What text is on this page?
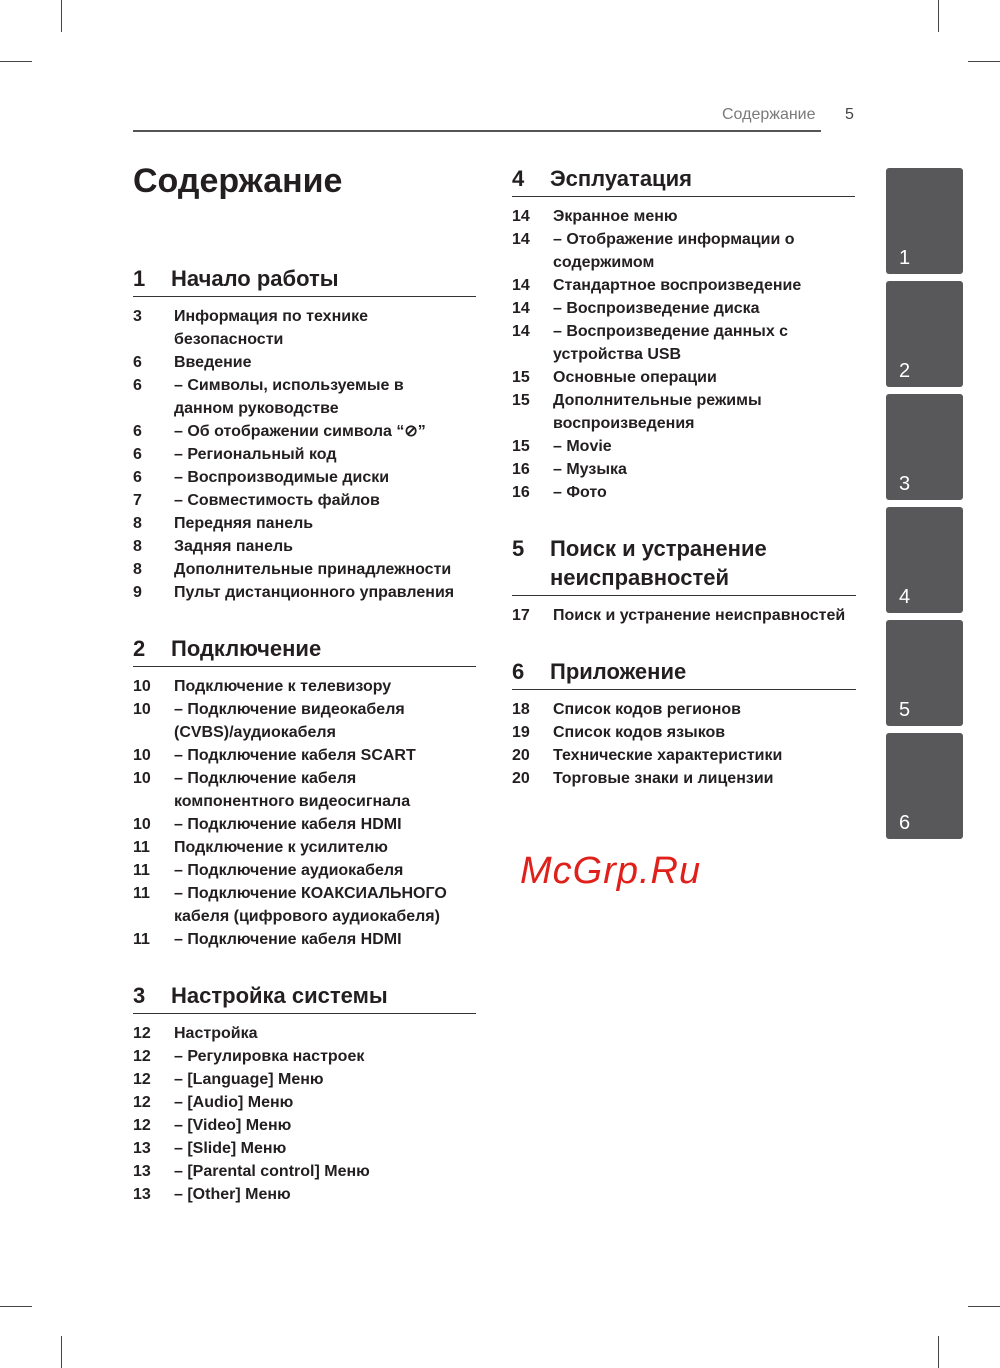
Содержание 5
Содержание
1	Начало работы
3	Информация по технике
безопасности
6	Введение
6	– Символы, используемые в
данном руководстве
6	– Об отображении символа “⊘”
6	– Региональный код
6	– Воспроизводимые диски
7	– Совместимость файлов
8	Передняя панель
8	Задняя панель
8	Дополнительные принадлежности
9	Пульт дистанционного управления
2	Подключение
10	Подключение к телевизору
10	– Подключение видеокабеля
(CVBS)/аудиокабеля
10	– Подключение кабеля SCART
10	– Подключение кабеля
компонентного видеосигнала
10	– Подключение кабеля HDMI
11	Подключение к усилителю
11	– Подключение аудиокабеля
11	– Подключение КОАКСИАЛЬНОГО
кабеля (цифрового аудиокабеля)
11	– Подключение кабеля HDMI
3	Настройка системы
12	Настройка
12	– Регулировка настроек
12	– [Language] Меню
12	– [Audio] Меню
12	– [Video] Меню
13	– [Slide] Меню
13	– [Parental control] Меню
13	– [Other] Меню
4	Эсплуатация
14	Экранное меню
14	– Отображение информации о
содержимом
14	Стандартное воспроизведение
14	– Воспроизведение диска
14	– Воспроизведение данных с
устройства USB
15	Основные операции
15	Дополнительные режимы
воспроизведения
15	– Movie
16	– Музыка
16	– Фото
5	Поиск и устранение неисправностей
17	Поиск и устранение неисправностей
6	Приложение
18	Список кодов регионов
19	Список кодов языков
20	Технические характеристики
20	Торговые знаки и лицензии
1
2
3
4
5
6
McGrp.Ru
